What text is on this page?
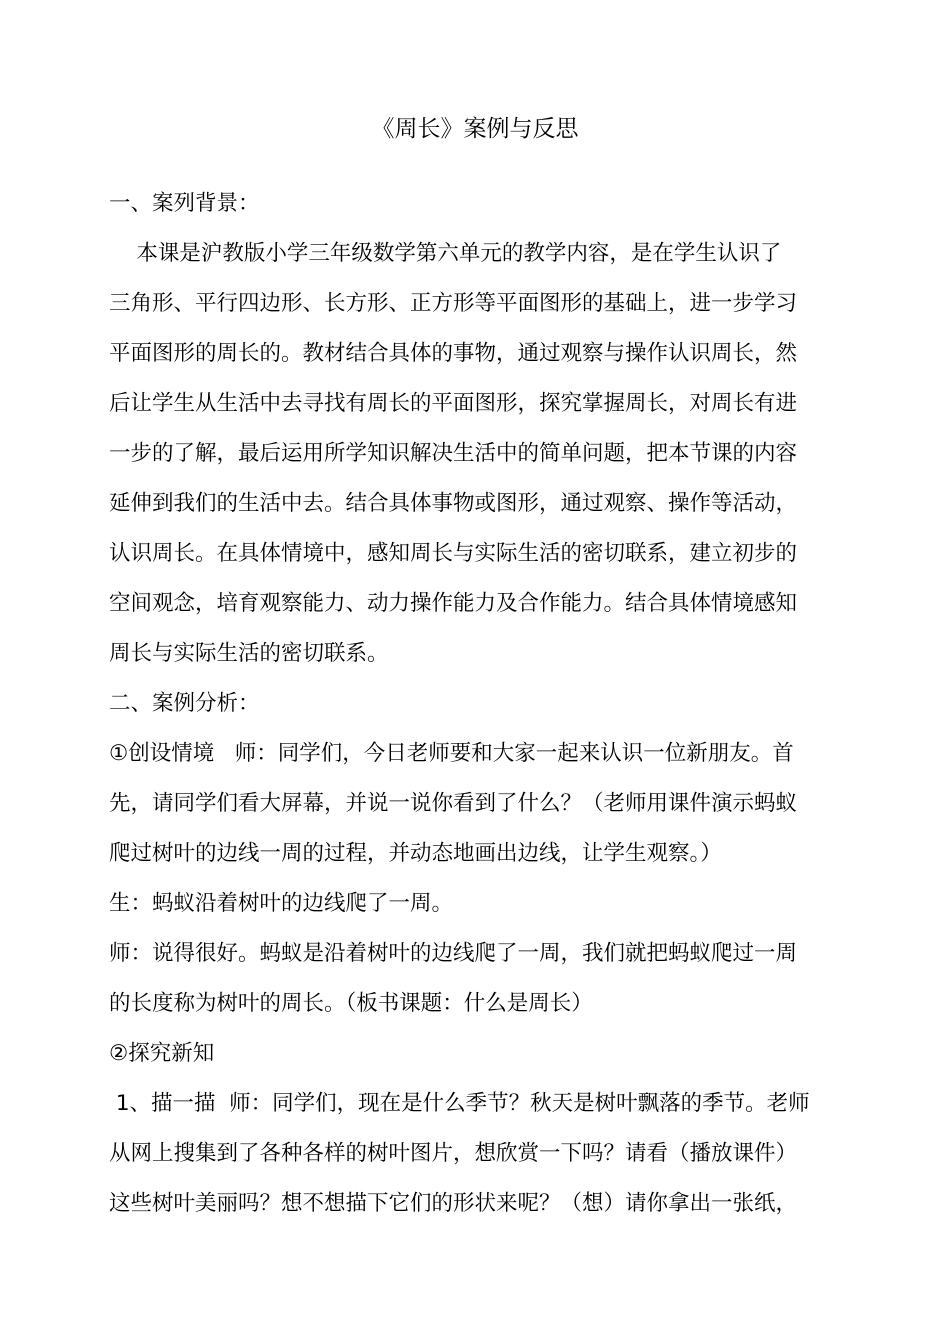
《周长》案例与反思
一、案列背景：
本课是沪教版小学三年级数学第六单元的教学内容，是在学生认识了
三角形、平行四边形、长方形、正方形等平面图形的基础上，进一步学习
平面图形的周长的。教材结合具体的事物，通过观察与操作认识周长，然
后让学生从生活中去寻找有周长的平面图形，探究掌握周长，对周长有进
一步的了解，最后运用所学知识解决生活中的简单问题，把本节课的内容
延伸到我们的生活中去。结合具体事物或图形，通过观察、操作等活动，
认识周长。在具体情境中，感知周长与实际生活的密切联系，建立初步的
空间观念，培育观察能力、动力操作能力及合作能力。结合具体情境感知
周长与实际生活的密切联系。
二、案例分析：
①创设情境   师：同学们，今日老师要和大家一起来认识一位新朋友。首
先，请同学们看大屏幕，并说一说你看到了什么？（老师用课件演示蚂蚁
爬过树叶的边线一周的过程，并动态地画出边线，让学生观察。）
生：蚂蚁沿着树叶的边线爬了一周。
师：说得很好。蚂蚁是沿着树叶的边线爬了一周，我们就把蚂蚁爬过一周
的长度称为树叶的周长。（板书课题：什么是周长）
②探究新知
1、描一描  师：同学们，现在是什么季节？秋天是树叶飘落的季节。老师
从网上搜集到了各种各样的树叶图片，想欣赏一下吗？请看（播放课件）
这些树叶美丽吗？想不想描下它们的形状来呢？（想）请你拿出一张纸，
